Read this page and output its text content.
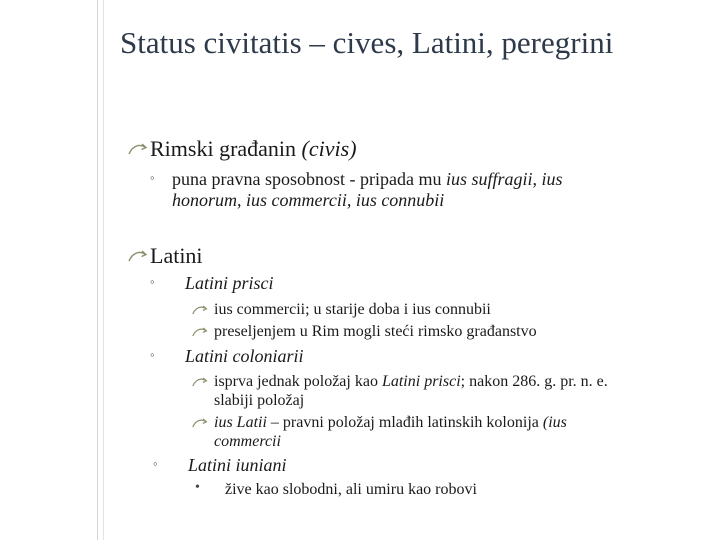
Status civitatis – cives, Latini, peregrini
Rimski građanin (civis)
◦ puna pravna sposobnost - pripada mu ius suffragii, ius
honorum, ius commercii, ius connubii
Latini
◦ Latini prisci
ius commercii; u starije doba i ius connubii
preseljenjem u Rim mogli steći rimsko građanstvo
◦ Latini coloniarii
isprva jednak položaj kao Latini prisci; nakon 286. g. pr. n. e.
slabiji položaj
ius Latii – pravni položaj mlađih latinskih kolonija (ius
commercii
◦ Latini iuniani
• žive kao slobodni, ali umiru kao robovi
